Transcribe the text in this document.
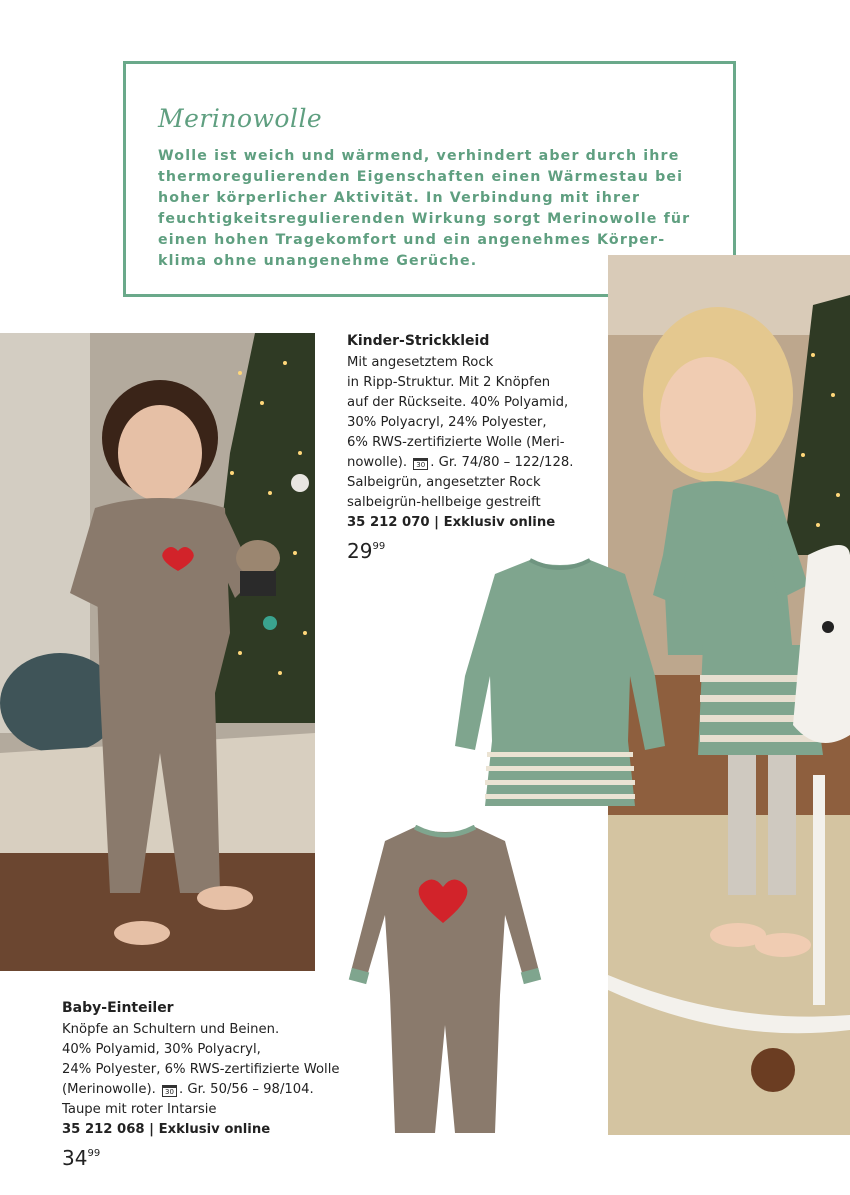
Merinowolle
Wolle ist weich und wärmend, verhindert aber durch ihre
thermoregulierenden Eigenschaften einen Wärmestau bei
hoher körperlicher Aktivität. In Verbindung mit ihrer
feuchtigkeitsregulierenden Wirkung sorgt Merinowolle für
einen hohen Tragekomfort und ein angenehmes Körper-
klima ohne unangenehme Gerüche.
Kinder-Strickkleid
Mit angesetztem Rock
in Ripp-Struktur. Mit 2 Knöpfen
auf der Rückseite. 40% Polyamid,
30% Polyacryl, 24% Polyester,
6% RWS-zertifizierte Wolle (Meri-
nowolle). 30 . Gr. 74/80 – 122/128.
Salbeigrün, angesetzter Rock
salbeigrün-hellbeige gestreift
35 212 070 | Exklusiv online
$29^{99}$
Baby-Einteiler
Knöpfe an Schultern und Beinen.
40% Polyamid, 30% Polyacryl,
24% Polyester, 6% RWS-zertifizierte Wolle
(Merinowolle). 30 . Gr. 50/56 – 98/104.
Taupe mit roter Intarsie
35 212 068 | Exklusiv online
$34^{99}$
